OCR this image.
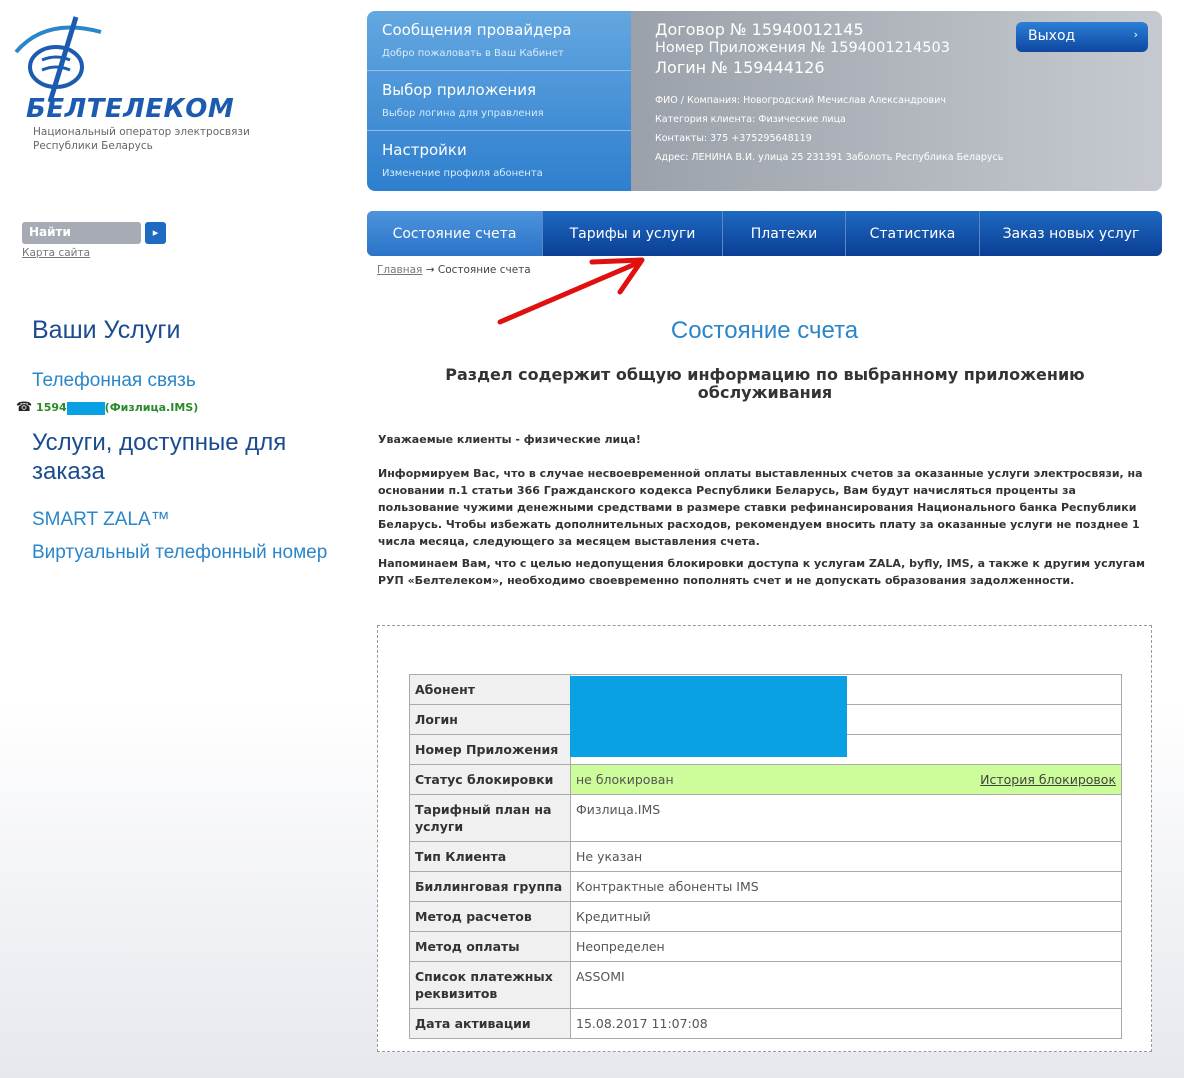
БЕЛТЕЛЕКОМ
Национальный оператор электросвязи Республики Беларусь
Найти	▸
Карта сайта
Ваши Услуги
Телефонная связь
☎ 1594	(Физлица.IMS)
Услуги, доступные для заказа
SMART ZALA™
Виртуальный телефонный номер
Сообщения провайдера
Добро пожаловать в Ваш Кабинет
Выбор приложения
Выбор логина для управления
Настройки
Изменение профиля абонента
Договор № 15940012145
Номер Приложения № 1594001214503
Логин № 159444126
ФИО / Компания: Новогродский Мечислав Александрович
Категория клиента: Физические лица
Контакты: 375 +375295648119
Адрес: ЛЕНИНА В.И. улица 25 231391 Заболоть Республика Беларусь
Выход	›
Состояние счета	Тарифы и услуги	Платежи	Статистика	Заказ новых услуг
Главная → Состояние счета
Состояние счета
Раздел содержит общую информацию по выбранному приложению обслуживания
Уважаемые клиенты - физические лица!
Информируем Вас, что в случае несвоевременной оплаты выставленных счетов за оказанные услуги электросвязи, на основании п.1 статьи 366 Гражданского кодекса Республики Беларусь, Вам будут начисляться проценты за пользование чужими денежными средствами в размере ставки рефинансирования Национального банка Республики Беларусь. Чтобы избежать дополнительных расходов, рекомендуем вносить плату за оказанные услуги не позднее 1 числа месяца, следующего за месяцем выставления счета.
Напоминаем Вам, что с целью недопущения блокировки доступа к услугам ZALA, byfly, IMS, а также к другим услугам РУП «Белтелеком», необходимо своевременно пополнять счет и не допускать образования задолженности.
Абонент	
Логин	
Номер Приложения	
Статус блокировки	не блокирован История блокировок

Тарифный план на услуги	Физлица.IMS
Тип Клиента	Не указан
Биллинговая группа	Контрактные абоненты IMS
Метод расчетов	Кредитный
Метод оплаты	Неопределен
Список платежных реквизитов	ASSOMI
Дата активации	15.08.2017 11:07:08
